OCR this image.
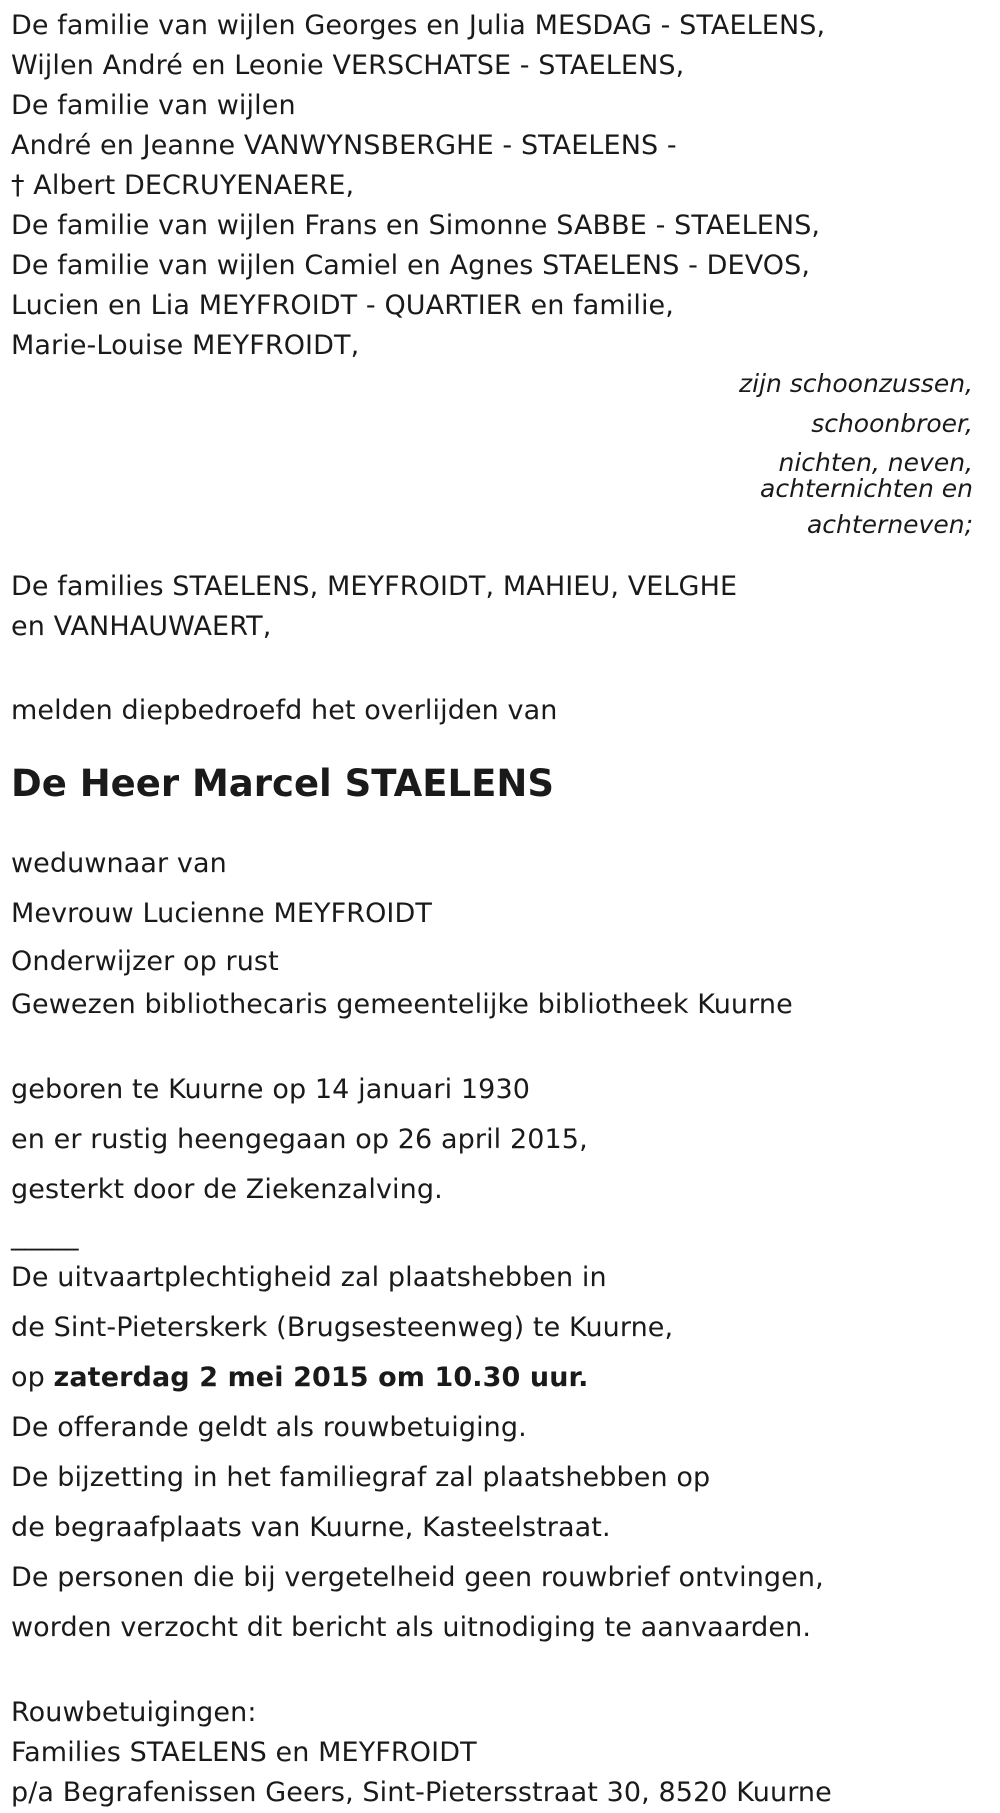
De familie van wijlen Georges en Julia MESDAG - STAELENS,
Wijlen André en Leonie VERSCHATSE - STAELENS,
De familie van wijlen
André en Jeanne VANWYNSBERGHE - STAELENS -
† Albert DECRUYENAERE,
De familie van wijlen Frans en Simonne SABBE - STAELENS,
De familie van wijlen Camiel en Agnes STAELENS - DEVOS,
Lucien en Lia MEYFROIDT - QUARTIER en familie,
Marie-Louise MEYFROIDT,
zijn schoonzussen,
schoonbroer,
nichten, neven,
achternichten en
achterneven;
De families STAELENS, MEYFROIDT, MAHIEU, VELGHE
en VANHAUWAERT,
melden diepbedroefd het overlijden van
De Heer Marcel STAELENS
weduwnaar van
Mevrouw Lucienne MEYFROIDT
Onderwijzer op rust
Gewezen bibliothecaris gemeentelijke bibliotheek Kuurne
geboren te Kuurne op 14 januari 1930
en er rustig heengegaan op 26 april 2015,
gesterkt door de Ziekenzalving.
_____
De uitvaartplechtigheid zal plaatshebben in
de Sint-Pieterskerk (Brugsesteenweg) te Kuurne,
op zaterdag 2 mei 2015 om 10.30 uur.
De offerande geldt als rouwbetuiging.
De bijzetting in het familiegraf zal plaatshebben op
de begraafplaats van Kuurne, Kasteelstraat.
De personen die bij vergetelheid geen rouwbrief ontvingen,
worden verzocht dit bericht als uitnodiging te aanvaarden.
Rouwbetuigingen:
Families STAELENS en MEYFROIDT
p/a Begrafenissen Geers, Sint-Pietersstraat 30, 8520 Kuurne
